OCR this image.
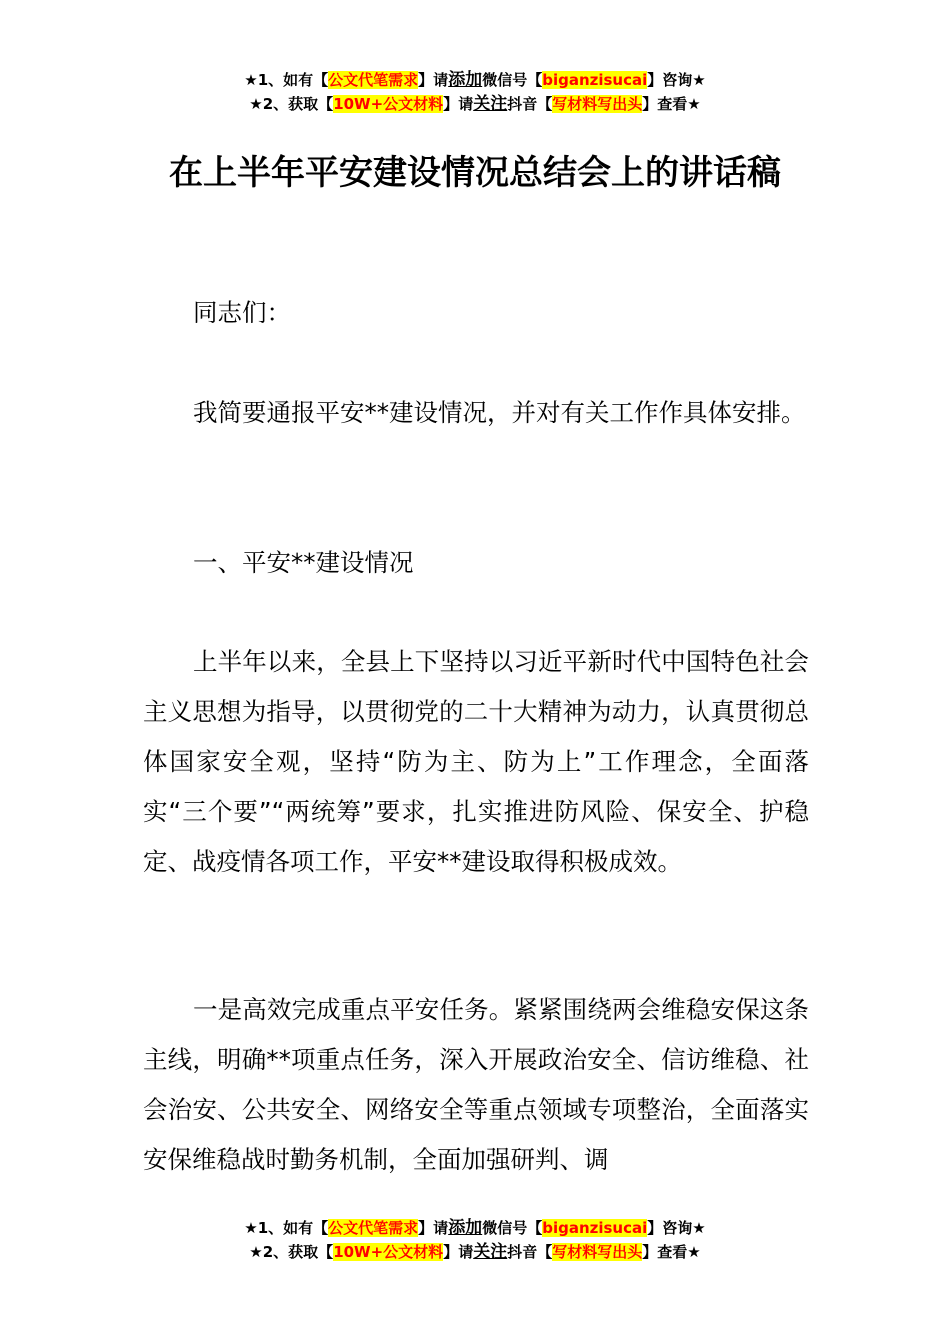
★1、如有【公文代笔需求】请添加微信号【biganzisucai】咨询★
★2、获取【10W+公文材料】请关注抖音【写材料写出头】查看★
在上半年平安建设情况总结会上的讲话稿
同志们：
我简要通报平安**建设情况，并对有关工作作具体安排。
一、平安**建设情况
上半年以来，全县上下坚持以习近平新时代中国特色社会主义思想为指导，以贯彻党的二十大精神为动力，认真贯彻总体国家安全观，坚持“防为主、防为上”工作理念，全面落实“三个要”“两统筹”要求，扎实推进防风险、保安全、护稳定、战疫情各项工作，平安**建设取得积极成效。
一是高效完成重点平安任务。紧紧围绕两会维稳安保这条主线，明确**项重点任务，深入开展政治安全、信访维稳、社会治安、公共安全、网络安全等重点领域专项整治，全面落实安保维稳战时勤务机制，全面加强研判、调
★1、如有【公文代笔需求】请添加微信号【biganzisucai】咨询★
★2、获取【10W+公文材料】请关注抖音【写材料写出头】查看★
